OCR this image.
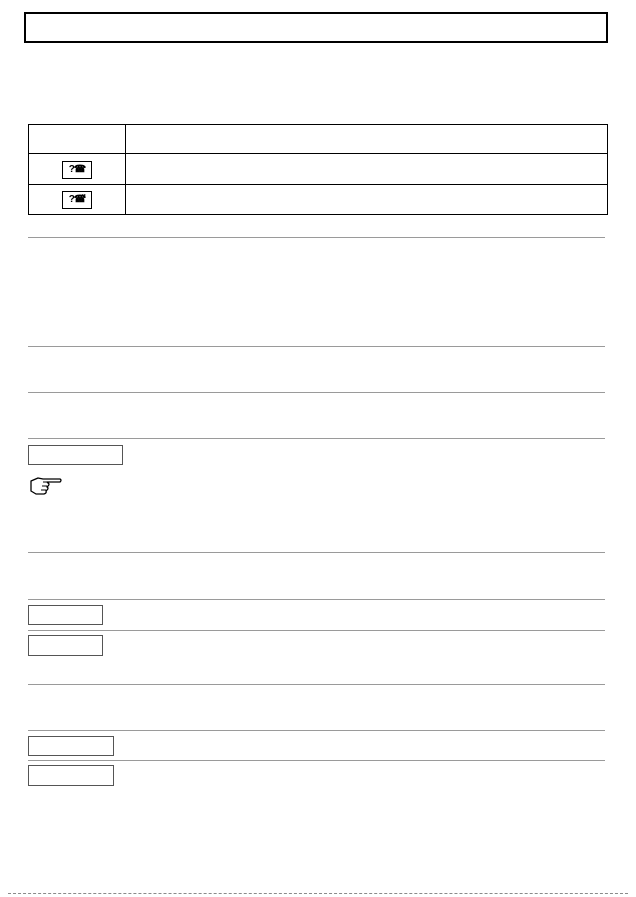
?☎	
?☎̈	
